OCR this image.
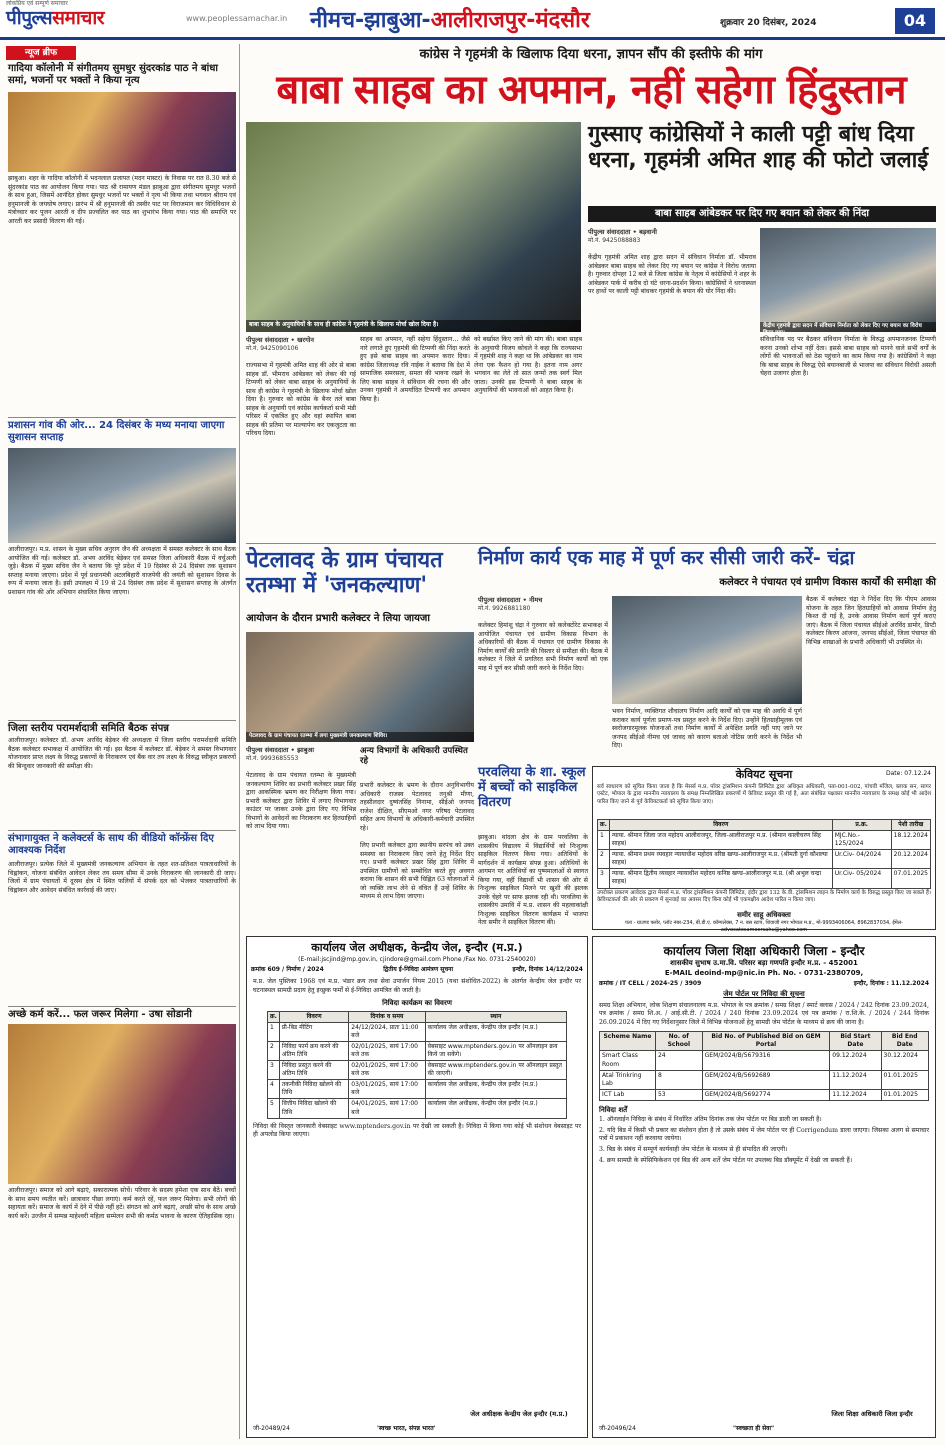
लोकप्रिय एवं सम्पूर्ण समाचार
पीपुल्ससमाचार	www.peoplessamachar.in नीमच-झाबुआ-आलीराजपुर-मंदसौर	शुक्रवार 20 दिसंबर, 2024	04
न्यूज ब्रीफ
गादिया कॉलोनी में संगीतमय सुमधुर सुंदरकांड पाठ ने बांधा समां, भजनों पर भक्तों ने किया नृत्य
झाबुआ। शहर के गादिया कॉलोनी में भदनलाल प्रजापत (मदन मास्टर) के निवास पर रात 8.30 बजे से सुंदरकांड पाठ का आयोजन किया गया। पाठ श्री रामायण मंडल झाबुआ द्वारा संगीतमय सुमधुर भजनों के साथ हुआ, जिसमें आनंदित होकर सुमधुर भजनों पर भक्तों ने नृत्य भी किया तथा भगवान श्रीराम एवं हनुमानजी के जयघोष लगाए। प्रारंभ में श्री हनुमानजी की तस्वीर पाट पर विराजमान कर विधिविधान से मंत्रोच्चार कर पूजन आरती व दीप प्रज्वलित कर पाठ का शुभारंभ किया गया। पाठ की समाप्ति पर आरती कर प्रसादी वितरण की गई।
प्रशासन गांव की ओर... 24 दिसंबर के मध्य मनाया जाएगा सुशासन सप्ताह
आलीराजपुर। म.प्र. शासन के मुख्य सचिव अनुराग जैन की अध्यक्षता में समस्त कलेक्टर के साथ बैठक आयोजित की गई। कलेक्टर डॉ. अभय अरविंद बेड़ेकर एवं समस्त जिला अधिकारी बैठक में वर्चुअली जुड़े। बैठक में मुख्य सचिव जैन ने बताया कि पूरे प्रदेश में 19 दिसंबर से 24 दिसंबर तक सुशासन सप्ताह मनाया जाएगा। प्रदेश में पूर्व प्रधानमंत्री अटलबिहारी वाजपेयी की जयंती को सुशासन दिवस के रूप में मनाया जाता है। इसी उपलक्ष्य में 19 से 24 दिसंबर तक प्रदेश में सुशासन सप्ताह के अंतर्गत प्रशासन गांव की ओर अभियान संचालित किया जाएगा।
जिला स्तरीय परामर्शदात्री समिति बैठक संपन्न
आलीराजपुर। कलेक्टर डॉ. अभय अरविंद बेड़ेकर की अध्यक्षता में जिला स्तरीय परामर्शदात्री समिति बैठक कलेक्टर सभाकक्ष में आयोजित की गई। इस बैठक में कलेक्टर डॉ. बेड़ेकर ने समस्त विभागवार योजनावार प्राप्त लक्ष्य के विरुद्ध प्रकरणों के निराकरण एवं बैंक वार तय लक्ष्य के विरुद्ध स्वीकृत प्रकरणों की बिन्दुवार जानकारी की समीक्षा की।
संभागायुक्त ने कलेक्टर्स के साथ की वीडियो कॉन्फ्रेंस दिए आवश्यक निर्देश
आलीराजपुर। प्रत्येक जिले में मुख्यमंत्री जनकल्याण अभियान के तहत शत-प्रतिशत पात्रताधारियों के चिह्नांकन, योजना संबंधित आवेदन लेकर तय समय सीमा में उनके निराकरण की जानकारी दी जाए। जिलों में ग्राम पंचायतों में दूरस्थ क्षेत्र में स्थित फलियों में संपर्क दल को भेजकर पात्रताधारियों के चिह्नांकन और आवेदन संबंधित कार्रवाई की जाए।
अच्छे कर्म करें... फल जरूर मिलेगा - उषा सोडानी
आलीराजपुर। समाज को आगे बढ़ाएं, सकारात्मक सोचें। परिवार के सदस्य हमेशा एक साथ बैठें। बच्चों के साथ समय व्यतीत करें। छात्रावार पीछा लगाएं। कर्म करते रहें, फल जरूर मिलेगा। सभी लोगों की सहायता करें। समाज के कार्य में देने में पीछे नहीं हटें। संगठन को आगे बढ़ाएं, अच्छी सोच के साथ अच्छे कार्य करें। उज्जैन में सम्पन्न माहेश्वरी महिला सम्मेलन सभी की कर्मठ भावना के कारण ऐतिहासिक रहा।
कांग्रेस ने गृहमंत्री के खिलाफ दिया धरना, ज्ञापन सौंप की इस्तीफे की मांग
बाबा साहब का अपमान, नहीं सहेगा हिंदुस्तान
बाबा साहब के अनुयायियों के साथ ही कांग्रेस ने गृहमंत्री के खिलाफ मोर्चा खोल दिया है।
गुस्साए कांग्रेसियों ने काली पट्टी बांध दिया धरना, गृहमंत्री अमित शाह की फोटो जलाई
बाबा साहब आंबेडकर पर दिए गए बयान को लेकर की निंदा
पीपुल्स संवाददाता • बड़वानी
मो.नं. 9425088883
केंद्रीय गृहमंत्री अमित शाह द्वारा सदन में संविधान निर्माता डॉ. भीमराव आंबेडकर बाबा साहब को लेकर दिए गए बयान पर कांग्रेस ने विरोध जताया है। गुरुवार दोपहर 12 बजे से जिला कांग्रेस के नेतृत्व में कांग्रेसियों ने शहर के आंबेडकर पार्क में करीब दो घंटे धरना-प्रदर्शन किया। कांग्रेसियों ने धरनास्थल पर हाथों पर काली पट्टी बांधकर गृहमंत्री के बयान की घोर निंदा की।
केंद्रीय गृहमंत्री द्वारा सदन में संविधान निर्माता को लेकर दिए गए बयान का विरोध किया गया।
पीपुल्स संवाददाता • खरगोन
मो.नं. 9425090106
राज्यसभा में गृहमंत्री अमित शाह की ओर से बाबा साहब डॉ. भीमराव आंबेडकर को लेकर की गई टिप्पणी को लेकर बाबा साहब के अनुयायियों के साथ ही कांग्रेस ने गृहमंत्री के खिलाफ मोर्चा खोल दिया है। गुरुवार को कांग्रेस के बैनर तले बाबा साहब के अनुयायी एवं कांग्रेस कार्यकर्ता सभी मंडी परिसर में एकत्रित हुए और वहां स्थापित बाबा साहब की प्रतिमा पर माल्यार्पण कर एकजुटता का परिचय दिया।
साहब का अपमान, नहीं सहेगा हिंदुस्तान... जैसे नारे लगाते हुए गृहमंत्री की टिप्पणी की निंदा करते हुए इसे बाबा साहब का अपमान करार दिया। कांग्रेस जिलाध्यक्ष रवि नाईक ने बताया कि देश में सामाजिक समरसता, समता की भावना रखने के लिए बाबा साहब ने संविधान की रचना की और उनका गृहमंत्री ने अमर्यादित टिप्पणी कर अपमान किया है।
को बर्खास्त किए जाने की मांग की। बाबा साहब के अनुयायी विजय कोचले ने कहा कि राज्यसभा में गृहमंत्री शाह ने कहा था कि आंबेडकर का नाम लेना एक फैशन हो गया है। इतना नाम अगर भगवान का लेते तो सात जन्मों तक स्वर्ग मिल जाता। उनकी इस टिप्पणी ने बाबा साहब के अनुयायियों की भावनाओं को आहत किया है।
संविधानिक पद पर बैठकर संविधान निर्माता के विरुद्ध अपमानजनक टिप्पणी करना उनको शोभा नहीं देता। इससे बाबा साहब को मानने वाले सभी वर्गों के लोगों की भावनाओं को ठेस पहुंचाने का काम किया गया है। कांग्रेसियों ने कहा कि बाबा साहब के विरुद्ध ऐसे बयानबाजी से भाजपा का संविधान विरोधी असली चेहरा उजागर होता है।
पेटलावद के ग्राम पंचायत रतम्भा में 'जनकल्याण'
आयोजन के दौरान प्रभारी कलेक्टर ने लिया जायजा
पेटलावद के ग्राम पंचायत रतम्भा में लगा मुख्यमंत्री जनकल्याण शिविर।
पीपुल्स संवाददाता • झाबुआ
मो.नं. 9993685553
पेटलावद के ग्राम पंचायत रतम्भा के मुख्यमंत्री जनकल्याण शिविर का प्रभारी कलेक्टर प्रखर सिंह द्वारा आकस्मिक भ्रमण कर निरीक्षण किया गया। प्रभारी कलेक्टर द्वारा शिविर में लगाए विभागवार काउंटर पर जाकर उनके द्वारा लिए गए विभिन्न विभागों के आवेदनों का निराकरण कर हितग्राहियों को लाभ दिया गया।
अन्य विभागों के अधिकारी उपस्थित रहे
प्रभारी कलेक्टर के भ्रमण के दौरान अनुविभागीय अधिकारी राजस्व पेटलावद तनुश्री मीणा, तहसीलदार दुष्यंतसिंह निनामा, सीईओ जनपद राजेश दीक्षित, सीएमओ नगर परिषद पेटलावद सहित अन्य विभागों के अधिकारी-कर्मचारी उपस्थित रहे।
लिए प्रभारी कलेक्टर द्वारा स्थानीय सरपंच को उक्त समस्या का निराकरण किए जाने हेतु निर्देश दिए गए। प्रभारी कलेक्टर प्रखर सिंह द्वारा शिविर में उपस्थित ग्रामीणों को सम्बोधित करते हुए अवगत कराया कि शासन की सभी चिह्नित 63 योजनाओं में जो व्यक्ति लाभ लेने से वंचित हैं उन्हें शिविर के माध्यम से लाभ दिया जाएगा।
निर्माण कार्य एक माह में पूर्ण कर सीसी जारी करें- चंद्रा
कलेक्टर ने पंचायत एवं ग्रामीण विकास कार्यों की समीक्षा की
पीपुल्स संवाददाता • नीमच
मो.नं. 9926881180
कलेक्टर हिमांशु चंद्रा ने गुरुवार को कलेक्टोरेट सभाकक्ष में आयोजित पंचायत एवं ग्रामीण विकास विभाग के अधिकारियों की बैठक में पंचायत एवं ग्रामीण विकास के निर्माण कार्यों की प्रगति की विस्तार से समीक्षा की। बैठक में कलेक्टर ने जिले में प्रगतिरत सभी निर्माण कार्यों को एक माह में पूर्ण कर सीसी जारी करने के निर्देश दिए।
भवन निर्माण, व्यक्तिगत शौचालय निर्माण आदि कार्यों को एक माह की अवधि में पूर्ण कराकर कार्य पूर्णता प्रमाण-पत्र प्रस्तुत करने के निर्देश दिए। उन्होंने हितग्राहीमूलक एवं स्वरोजगारमूलक योजनाओं तथा निर्माण कार्यों में अपेक्षित प्रगति नहीं पाए जाने पर जनपद सीईओ नीमच एवं जावद को कारण बताओ नोटिस जारी करने के निर्देश भी दिए।
बैठक में कलेक्टर चंद्रा ने निर्देश दिए कि पीएम आवास योजना के तहत जिन हितग्राहियों को आवास निर्माण हेतु किश्त दी गई है, उनके आवास निर्माण कार्य पूर्ण कराए जाएं। बैठक में जिला पंचायत सीईओ अरविंद डामोर, डिप्टी कलेक्टर किरण आंजना, जनपद सीईओ, जिला पंचायत की विभिन्न शाखाओं के प्रभारी अधिकारी भी उपस्थित थे।
परवलिया के शा. स्कूल में बच्चों को साइकिल वितरण
झाबुआ। थांदला क्षेत्र के ग्राम परवलिया के शासकीय विद्यालय में विद्यार्थियों को निःशुल्क साइकिल वितरण किया गया। अतिथियों के मार्गदर्शन में कार्यक्रम संपन्न हुआ। अतिथियों के आगमन पर अतिथियों का पुष्पमालाओं से स्वागत किया गया, वहीं विद्यार्थी भी शासन की ओर से निःशुल्क साइकिल मिलने पर खुशी की झलक उनके चेहरे पर साफ झलक रही थी। परवलिया के शासकीय उमावि में म.प्र. शासन की महत्वाकांक्षी निःशुल्क साइकिल वितरण कार्यक्रम में भाजपा नेता समीर ने साइकिल वितरण की।
केवियट सूचना	Date: 07.12.24
सर्व साधारण को सूचित किया जाता है कि मेसर्स म.प्र. पॉवर ट्रांसमिशन कंपनी लिमिटेड द्वारा अधिकृत अधिकारी, पता-001-002, पांचवी मंजिल, ब्लाक सन, सागर एस्टेट, भोपाल के द्वारा माननीय न्यायालय के समक्ष निम्नलिखित प्रकरणों में केवियट प्रस्तुत की गई है, अतः संबंधित पक्षकार माननीय न्यायालय के समक्ष कोई भी आदेश पारित किए जाने से पूर्व केवियटकर्ता को सूचित किया जाए।
क्र.	विवरण	प्र.क्र.	पेशी तारीख
1	न्याया. श्रीमान जिला जज महोदय आलीराजपुर, जिला-आलीराजपुर म.प्र. (श्रीमान कालीचरण सिंह साहब)	MJC.No.- 125/2024	18.12.2024
2	न्याया. श्रीमान प्रथम व्यवहार न्यायाधीश महोदय वरिष्ठ खण्ड-आलीराजपुर म.प्र. (श्रीमती दुर्गा कौशल्या साहब)	Ur.Civ- 04/2024	20.12.2024
3	न्याया. श्रीमान द्वितीय व्यवहार न्यायाधीश महोदय कनिष्ठ खण्ड-आलीराजपुर म.प्र. (श्री अभुल चन्द्रा साहब)	Ur.Civ- 05/2024	07.01.2025
उपरोक्त प्रकरण आवेदक द्वारा मेसर्स म.प्र. पॉवर ट्रांसमिशन कंपनी लिमिटेड, इंदौर द्वारा 132 के.वी. ट्रांसमिशन लाइन के निर्माण कार्य के विरुद्ध प्रस्तुत किए जा सकते हैं। केवियटकर्ता की ओर से प्रकरण में सुनवाई का अवसर दिए बिना कोई भी एकपक्षीय आदेश पारित न किया जाए।
समीर साहू अधिवक्ता
पता - ग्राउण्ड फ्लोर, प्लॉट नंबर-234, बी.डी.ए. कॉम्पलेक्स, 7 न. बस स्टाप, शिवाजी नगर भोपाल म.प्र., मो-9993406064, 8962837034, ईमेल-advocatesameersahu@yahoo.com
कार्यालय जेल अधीक्षक, केन्द्रीय जेल, इन्दौर (म.प्र.)
(E-mail:jscjind@mp.gov.in, cjindore@gmail.com Phone /Fax No. 0731-2540020)
क्रमांक 609 / निर्माण / 2024	द्वितीय ई-निविदा आमंत्रण सूचना	इन्दौर, दिनांक 14/12/2024
म.प्र. जेल पुस्तिका 1968 एवं म.प्र. भंडार क्रय तथा सेवा उपार्जन नियम 2015 (यथा संशोधित-2022) के अंतर्गत केन्द्रीय जेल इन्दौर पर घटनास्थल सामग्री प्रदाय हेतु इच्छुक फर्मों से ई-निविदा आमंत्रित की जाती है।
निविदा कार्यक्रम का विवरण
क्र.	विवरण	दिनांक व समय	स्थान
1	प्री-बिड मीटिंग	24/12/2024, प्रातः 11:00 बजे	कार्यालय जेल अधीक्षक, केन्द्रीय जेल इन्दौर (म.प्र.)
2	निविदा फार्म क्रय करने की अंतिम तिथि	02/01/2025, सायं 17:00 बजे तक	वेबसाइट www.mptenders.gov.in पर ऑनलाइन क्रय किये जा सकेंगे।
3	निविदा प्रस्तुत करने की अंतिम तिथि	02/01/2025, सायं 17:00 बजे तक	वेबसाइट www.mptenders.gov.in पर ऑनलाइन प्रस्तुत की जाएगी।
4	तकनीकी निविदा खोलने की तिथि	03/01/2025, सायं 17:00 बजे	कार्यालय जेल अधीक्षक, केन्द्रीय जेल इन्दौर (म.प्र.)
5	वित्तीय निविदा खोलने की तिथि	04/01/2025, सायं 17:00 बजे	कार्यालय जेल अधीक्षक, केन्द्रीय जेल इन्दौर (म.प्र.)
निविदा की विस्तृत जानकारी वेबसाइट www.mptenders.gov.in पर देखी जा सकती है। निविदा में किया गया कोई भी संशोधन वेबसाइट पर ही अपलोड किया जाएगा।
जेल अधीक्षक केन्द्रीय जेल इन्दौर (म.प्र.)
जी-20489/24	'स्वच्छ भारत, संपन्न भारत'
कार्यालय जिला शिक्षा अधिकारी जिला - इन्दौर
शासकीय सुभाष उ.मा.वि. परिसर बड़ा गणपति इन्दौर म.प्र. - 452001
E-MAIL deoind-mp@nic.in Ph. No. - 0731-2380709,
क्रमांक / IT CELL / 2024-25 / 3909	इन्दौर, दिनांक : 11.12.2024
जेम पोर्टल पर निविदा की सूचना
समग्र शिक्षा अभियान, लोक शिक्षण संचालनालय म.प्र. भोपाल के पत्र क्रमांक / समग्र शिक्षा / स्मार्ट क्लास / 2024 / 242 दिनांक 23.09.2024, पत्र क्रमांक / समग्र शि.अ. / आई.सी.टी. / 2024 / 240 दिनांक 23.09.2024 एवं पत्र क्रमांक / रा.शि.के. / 2024 / 244 दिनांक 26.09.2024 में दिए गए निर्देशानुसार जिले में विभिन्न योजनाओं हेतु सामग्री जेम पोर्टल के माध्यम से क्रय की जाना है।
Scheme Name	No. of School	Bid No. of Published Bid on GEM Portal	Bid Start Date	Bid End Date
Smart Class Room	24	GEM/2024/B/5679316	09.12.2024	30.12.2024
Atal Trinkring Lab	8	GEM/2024/B/5692689	11.12.2024	01.01.2025
ICT Lab	53	GEM/2024/B/5692774	11.12.2024	01.01.2025
निविदा शर्तें
1. ऑनलाईन निविदा के संबंध में निर्धारित अंतिम दिनांक तक जेम पोर्टल पर बिड डाली जा सकती है।
2. यदि बिड में किसी भी प्रकार का संशोधन होता है तो उसके संबंध में जेम पोर्टल पर ही Corrigendum डाला जाएगा। जिसका अलग से समाचार पत्रों में प्रकाशन नहीं करवाया जायेगा।
3. बिड के संबंध में सम्पूर्ण कार्यवाही जेम पोर्टल के माध्यम से ही संपादित की जाएगी।
4. क्रय सामग्री के स्पेसिफिकेशन एवं बिड की अन्य शर्तें जेम पोर्टल पर उपलब्ध बिड डॉक्यूमेंट में देखी जा सकती हैं।
जिला शिक्षा अधिकारी जिला इन्दौर
जी-20496/24	"स्वच्छता ही सेवा"
